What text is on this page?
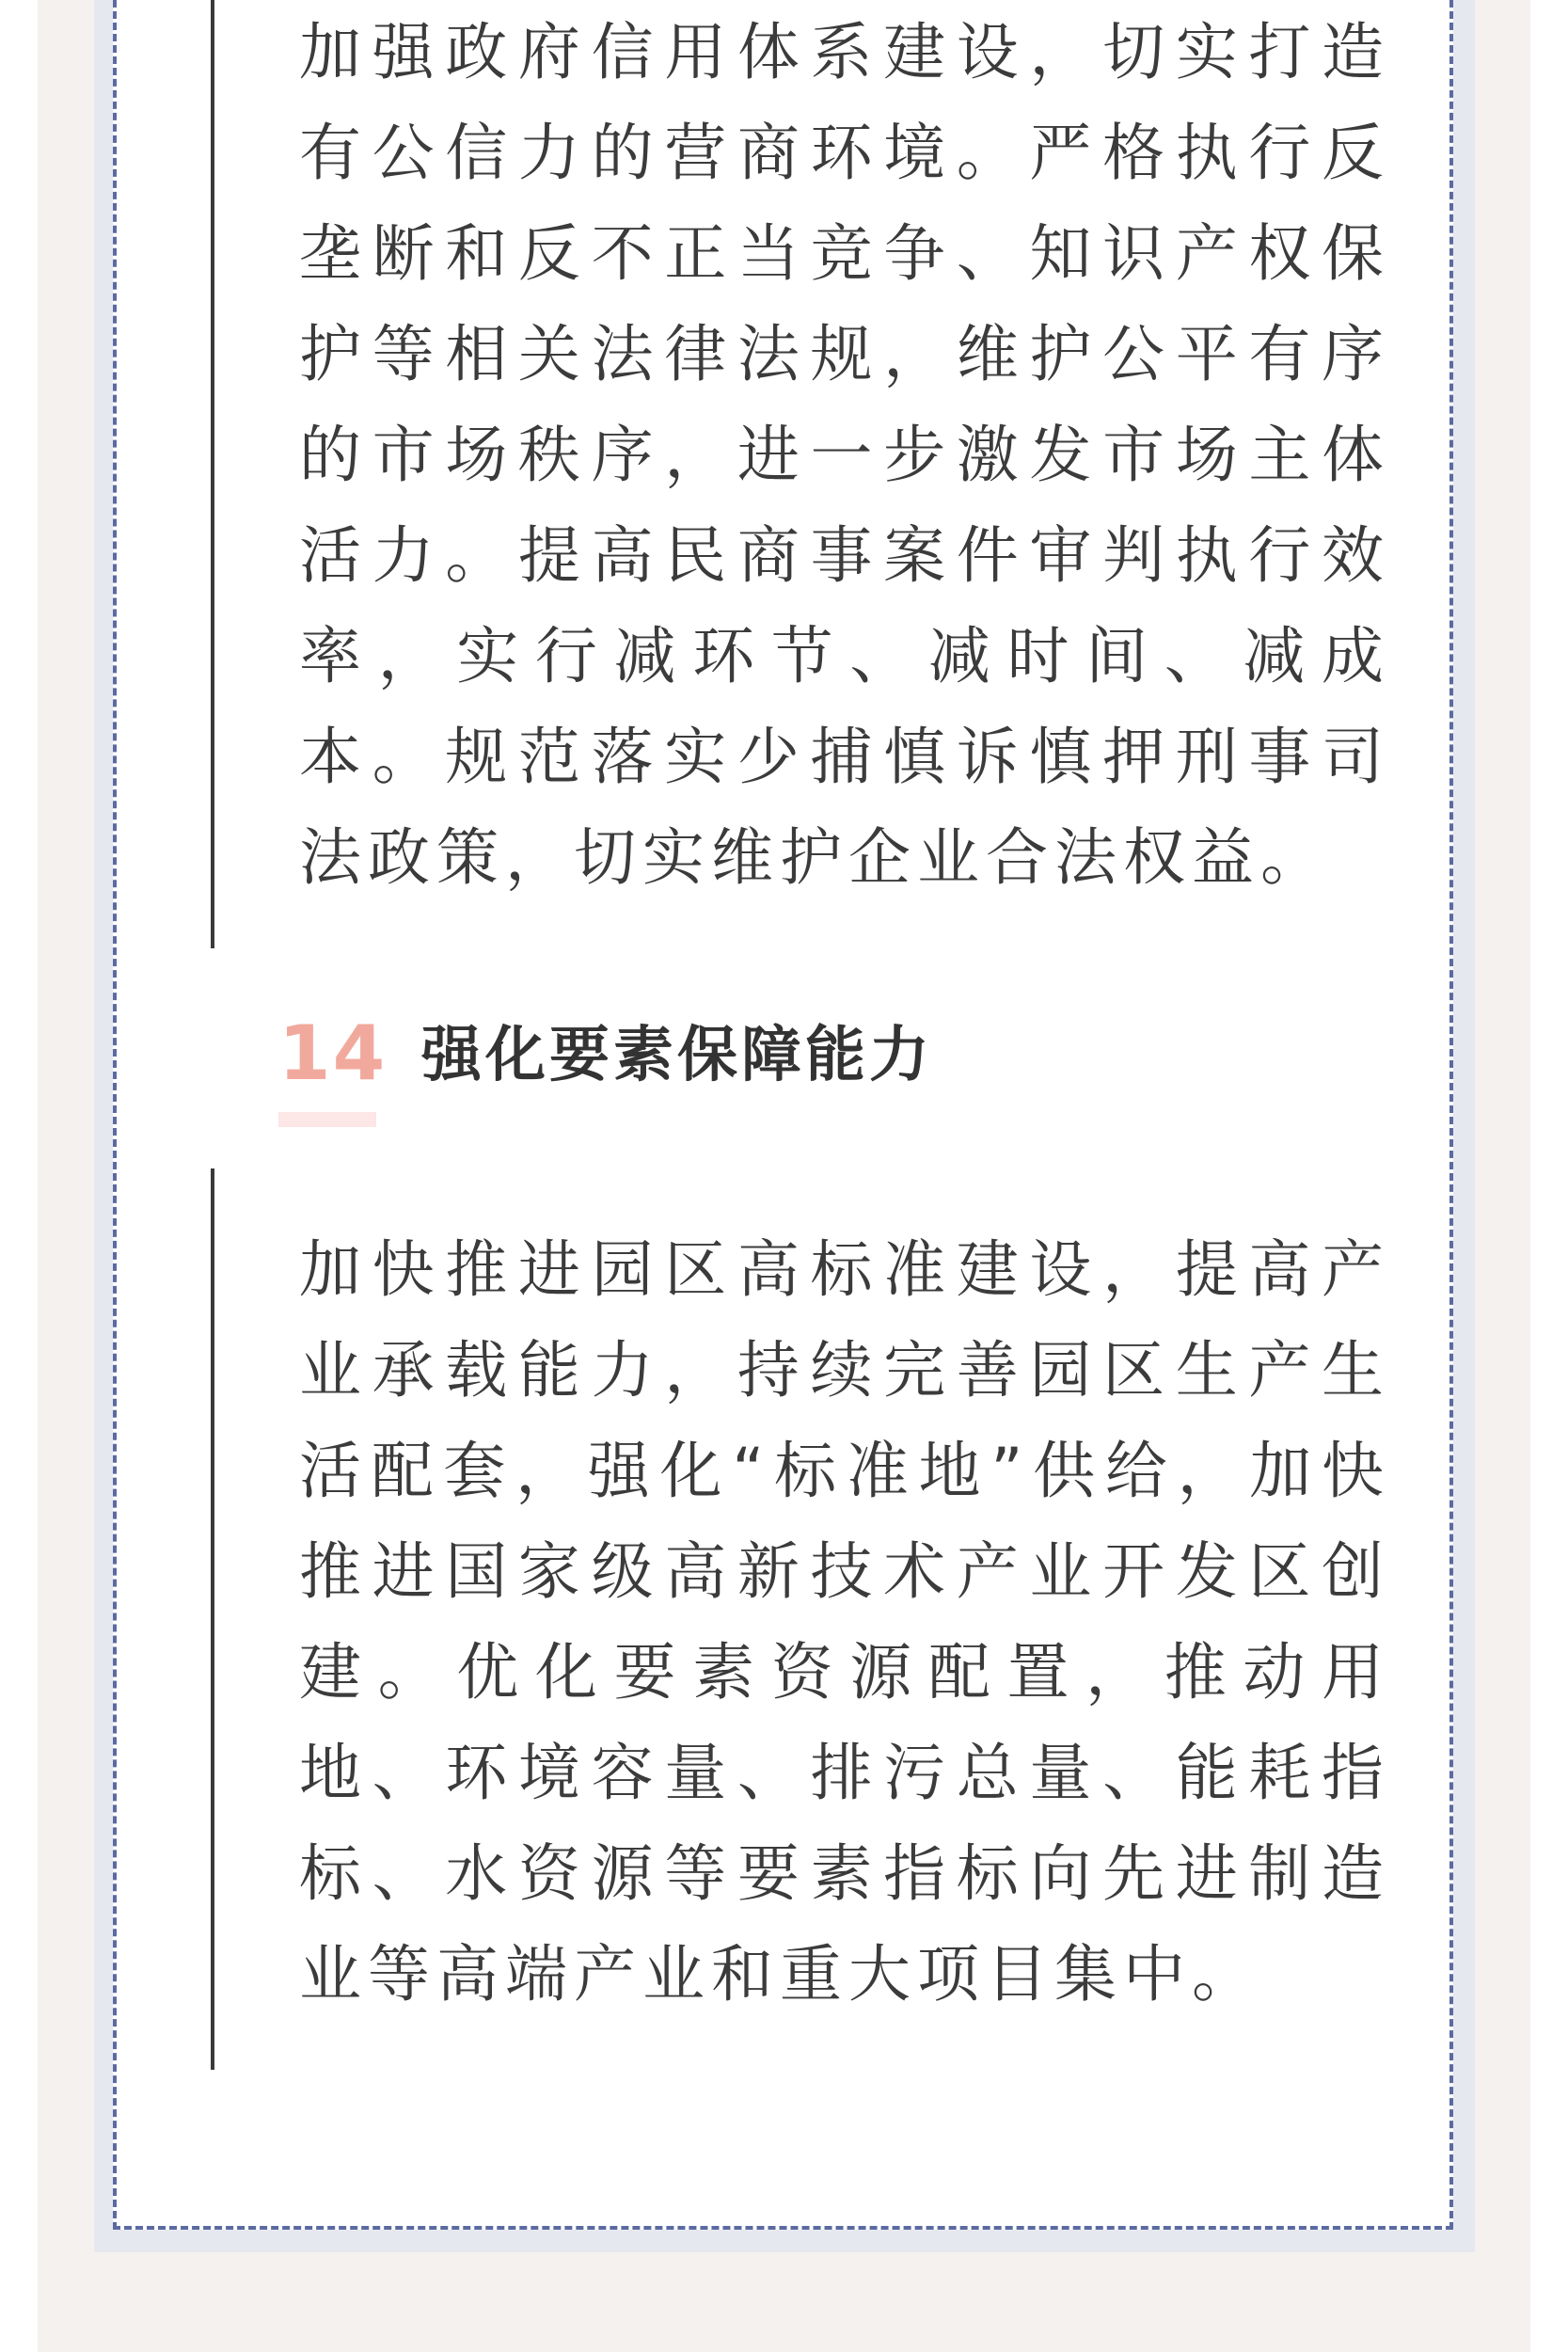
加强政府信用体系建设，切实打造有公信力的营商环境。严格执行反垄断和反不正当竞争、知识产权保护等相关法律法规，维护公平有序的市场秩序，进一步激发市场主体活力。提高民商事案件审判执行效率，实行减环节、减时间、减成本。规范落实少捕慎诉慎押刑事司法政策，切实维护企业合法权益。

14 强化要素保障能力

加快推进园区高标准建设，提高产业承载能力，持续完善园区生产生活配套，强化“标准地”供给，加快推进国家级高新技术产业开发区创建。优化要素资源配置，推动用地、环境容量、排污总量、能耗指标、水资源等要素指标向先进制造业等高端产业和重大项目集中。
